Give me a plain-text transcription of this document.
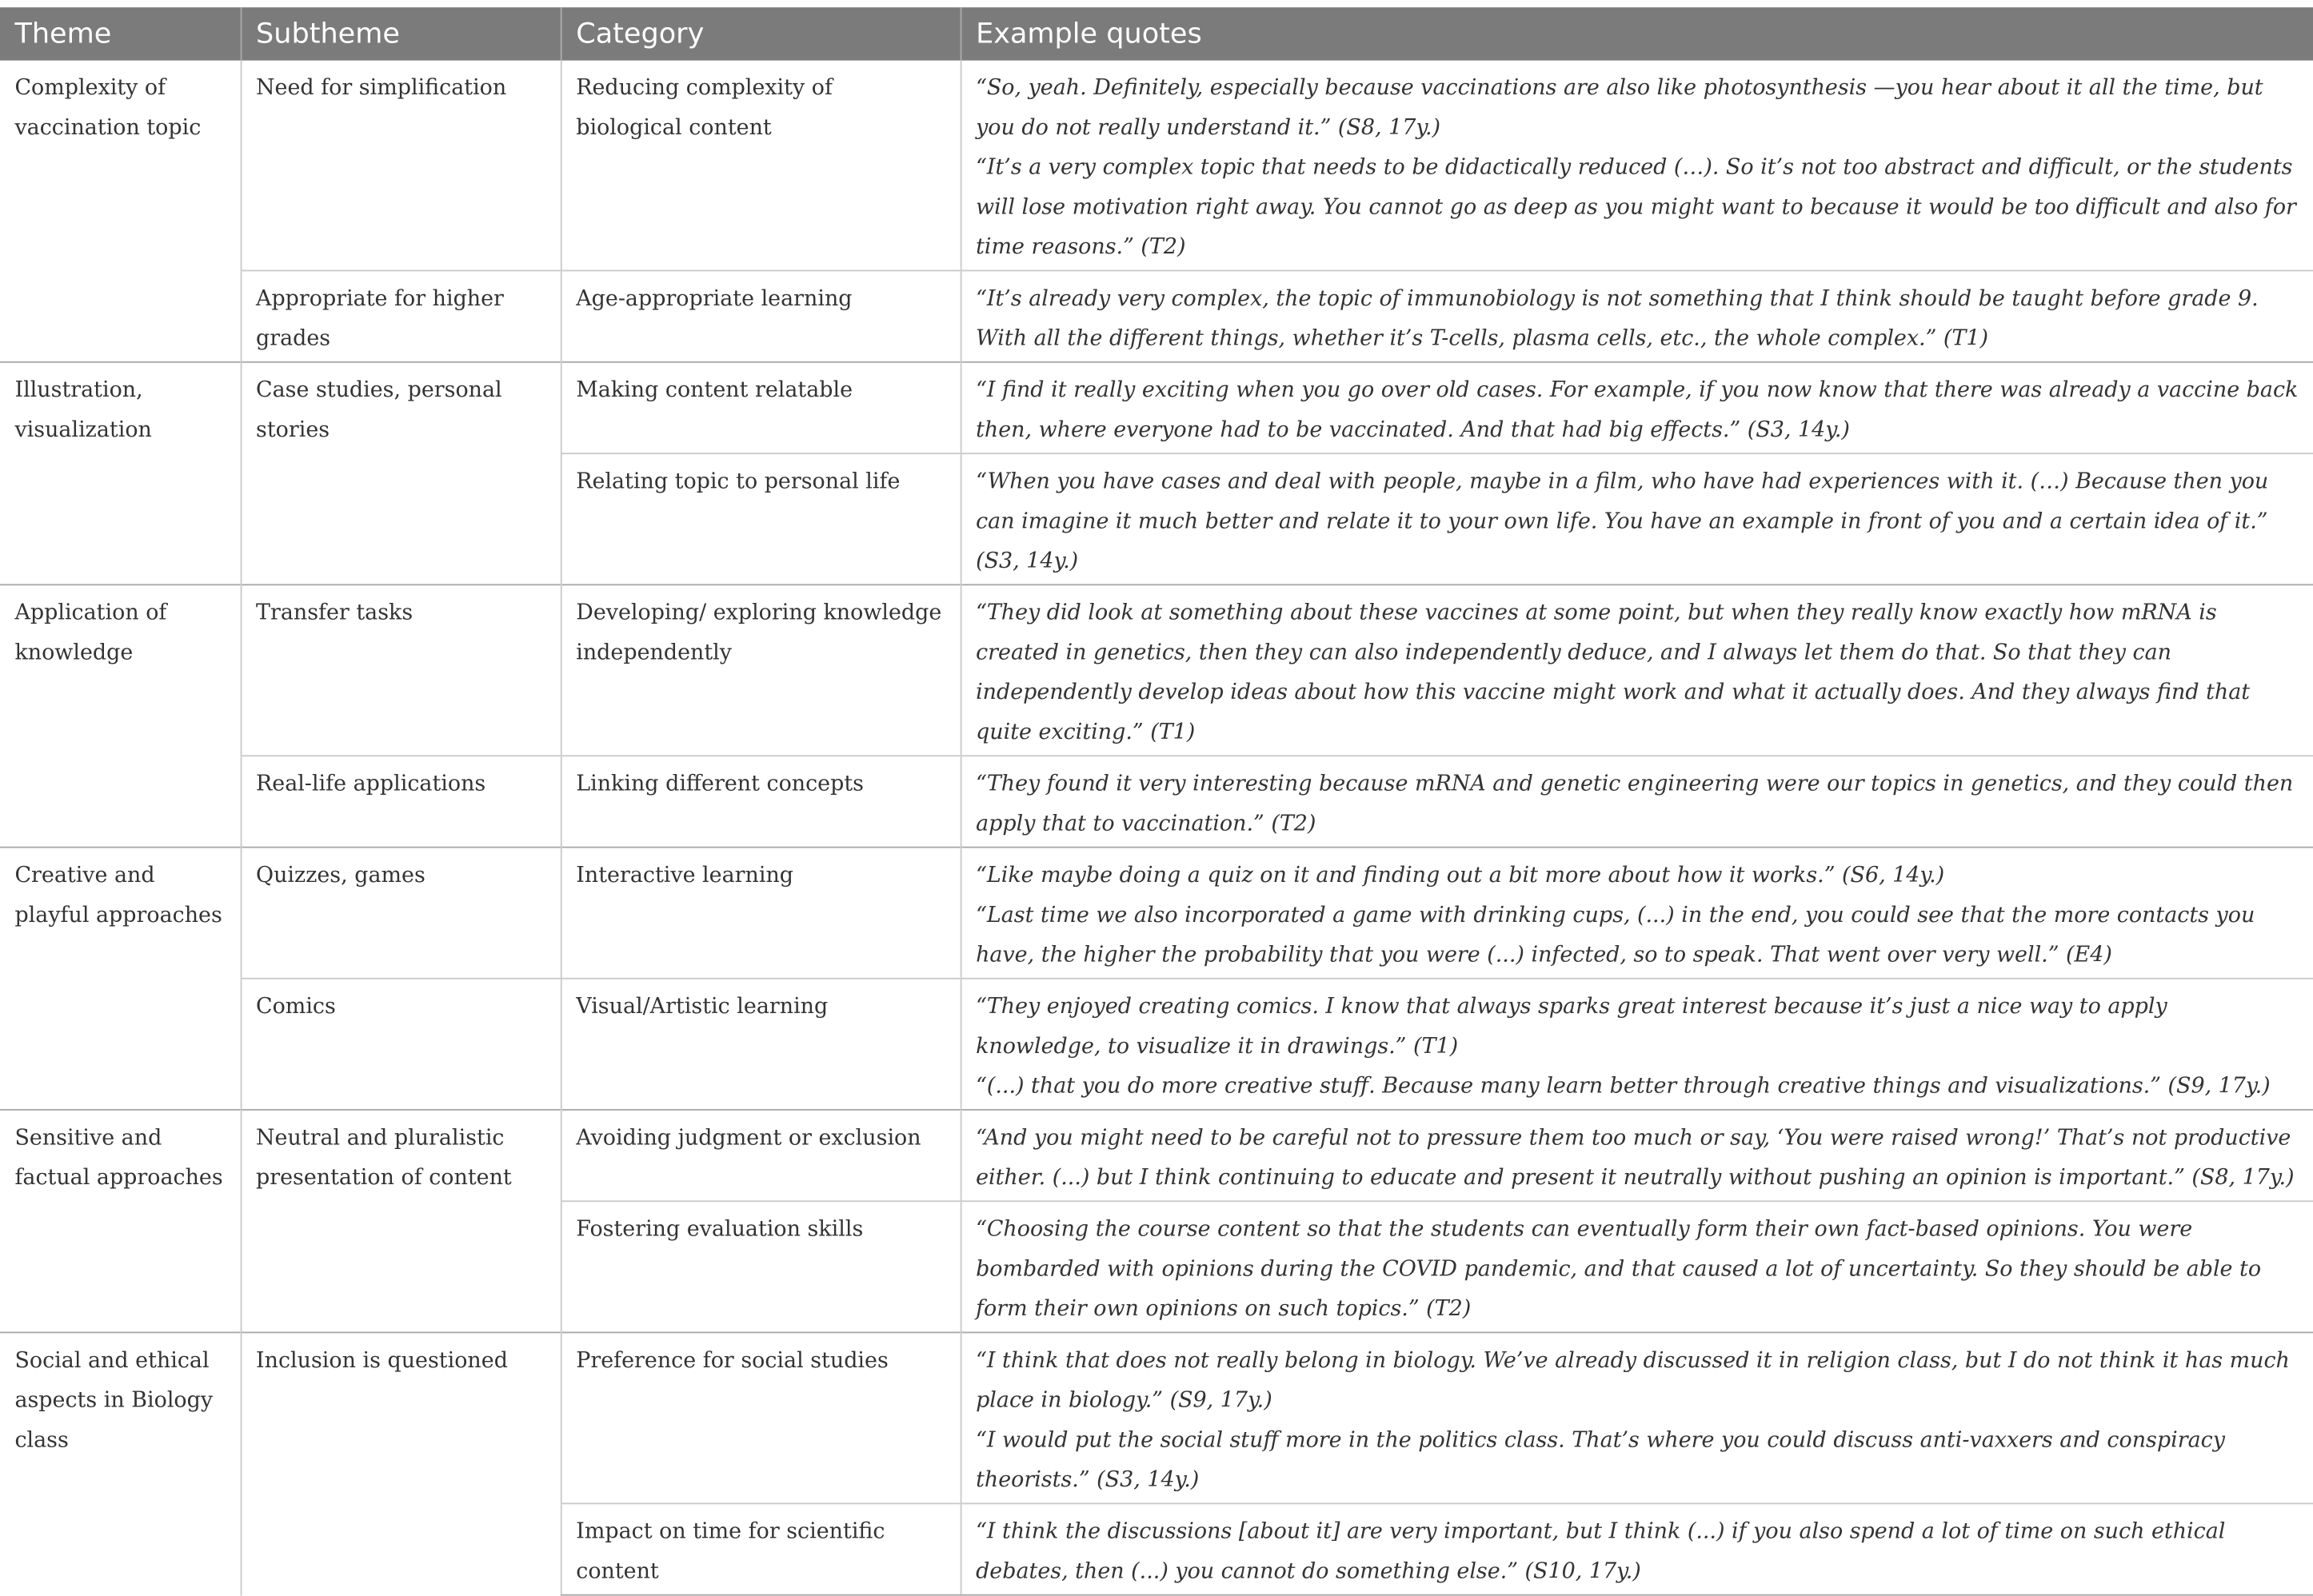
Theme	Subtheme	Category	Example quotes
Complexity of vaccination topic	Need for simplification	Reducing complexity of biological content	“So, yeah. Definitely, especially because vaccinations are also like photosynthesis —you hear about it all the time, but you do not really understand it.” (S8, 17y.)
“It’s a very complex topic that needs to be didactically reduced (…). So it’s not too abstract and difficult, or the students will lose motivation right away. You cannot go as deep as you might want to because it would be too difficult and also for time reasons.” (T2)

	Appropriate for higher grades	Age-appropriate learning	“It’s already very complex, the topic of immunobiology is not something that I think should be taught before grade 9. With all the different things, whether it’s T-cells, plasma cells, etc., the whole complex.” (T1)

Illustration, visualization	Case studies, personal stories	Making content relatable	“I find it really exciting when you go over old cases. For example, if you now know that there was already a vaccine back then, where everyone had to be vaccinated. And that had big effects.” (S3, 14y.)

		Relating topic to personal life	“When you have cases and deal with people, maybe in a film, who have had experiences with it. (…) Because then you can imagine it much better and relate it to your own life. You have an example in front of you and a certain idea of it.” (S3, 14y.)

Application of knowledge	Transfer tasks	Developing/ exploring knowledge independently	“They did look at something about these vaccines at some point, but when they really know exactly how mRNA is created in genetics, then they can also independently deduce, and I always let them do that. So that they can independently develop ideas about how this vaccine might work and what it actually does. And they always find that quite exciting.” (T1)

	Real-life applications	Linking different concepts	“They found it very interesting because mRNA and genetic engineering were our topics in genetics, and they could then apply that to vaccination.” (T2)

Creative and playful approaches	Quizzes, games	Interactive learning	“Like maybe doing a quiz on it and finding out a bit more about how it works.” (S6, 14y.)
“Last time we also incorporated a game with drinking cups, (...) in the end, you could see that the more contacts you have, the higher the probability that you were (...) infected, so to speak. That went over very well.” (E4)

	Comics	Visual/Artistic learning	“They enjoyed creating comics. I know that always sparks great interest because it’s just a nice way to apply knowledge, to visualize it in drawings.” (T1)
“(...) that you do more creative stuff. Because many learn better through creative things and visualizations.” (S9, 17y.)

Sensitive and factual approaches	Neutral and pluralistic presentation of content	Avoiding judgment or exclusion	“And you might need to be careful not to pressure them too much or say, ‘You were raised wrong!’ That’s not productive either. (...) but I think continuing to educate and present it neutrally without pushing an opinion is important.” (S8, 17y.)

		Fostering evaluation skills	“Choosing the course content so that the students can eventually form their own fact-based opinions. You were bombarded with opinions during the COVID pandemic, and that caused a lot of uncertainty. So they should be able to form their own opinions on such topics.” (T2)

Social and ethical aspects in Biology class	Inclusion is questioned	Preference for social studies	“I think that does not really belong in biology. We’ve already discussed it in religion class, but I do not think it has much place in biology.” (S9, 17y.)
“I would put the social stuff more in the politics class. That’s where you could discuss anti-vaxxers and conspiracy theorists.” (S3, 14y.)

		Impact on time for scientific content	“I think the discussions [about it] are very important, but I think (...) if you also spend a lot of time on such ethical debates, then (...) you cannot do something else.” (S10, 17y.)
